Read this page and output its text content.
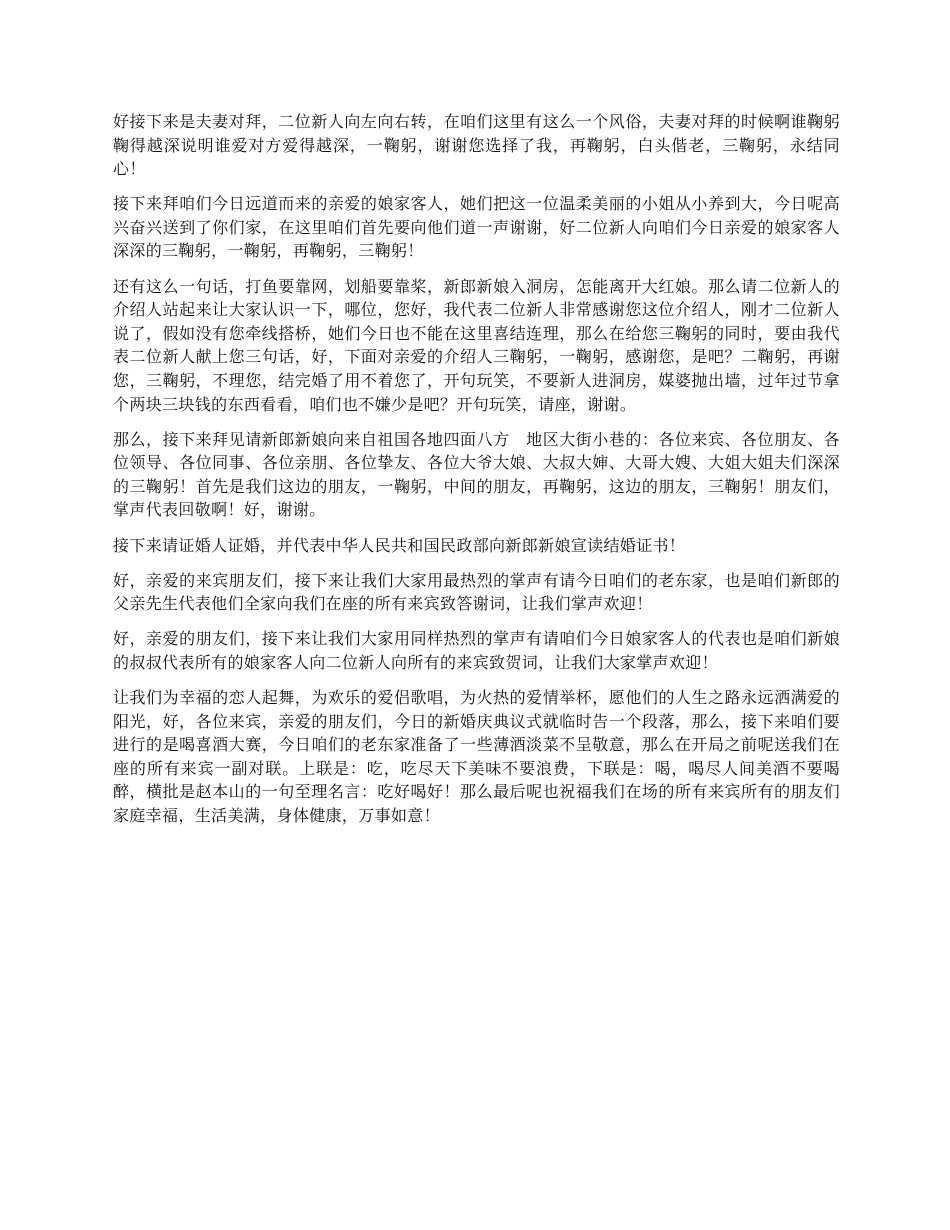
好接下来是夫妻对拜，二位新人向左向右转，在咱们这里有这么一个风俗，夫妻对拜的时候啊谁鞠躬鞠得越深说明谁爱对方爱得越深，一鞠躬，谢谢您选择了我，再鞠躬，白头偕老，三鞠躬，永结同心！

接下来拜咱们今日远道而来的亲爱的娘家客人，她们把这一位温柔美丽的小姐从小养到大，今日呢高兴奋兴送到了你们家，在这里咱们首先要向他们道一声谢谢，好二位新人向咱们今日亲爱的娘家客人深深的三鞠躬，一鞠躬，再鞠躬，三鞠躬！

还有这么一句话，打鱼要靠网，划船要靠桨，新郎新娘入洞房，怎能离开大红娘。那么请二位新人的介绍人站起来让大家认识一下，哪位，您好，我代表二位新人非常感谢您这位介绍人，刚才二位新人说了，假如没有您牵线搭桥，她们今日也不能在这里喜结连理，那么在给您三鞠躬的同时，要由我代表二位新人献上您三句话，好，下面对亲爱的介绍人三鞠躬，一鞠躬，感谢您，是吧？二鞠躬，再谢您，三鞠躬，不理您，结完婚了用不着您了，开句玩笑，不要新人进洞房，媒婆抛出墙，过年过节拿个两块三块钱的东西看看，咱们也不嫌少是吧？开句玩笑，请座，谢谢。

那么，接下来拜见请新郎新娘向来自祖国各地四面八方　地区大街小巷的：各位来宾、各位朋友、各位领导、各位同事、各位亲朋、各位挚友、各位大爷大娘、大叔大婶、大哥大嫂、大姐大姐夫们深深的三鞠躬！首先是我们这边的朋友，一鞠躬，中间的朋友，再鞠躬，这边的朋友，三鞠躬！朋友们，掌声代表回敬啊！好，谢谢。

接下来请证婚人证婚，并代表中华人民共和国民政部向新郎新娘宣读结婚证书！

好，亲爱的来宾朋友们，接下来让我们大家用最热烈的掌声有请今日咱们的老东家，也是咱们新郎的父亲先生代表他们全家向我们在座的所有来宾致答谢词，让我们掌声欢迎！

好，亲爱的朋友们，接下来让我们大家用同样热烈的掌声有请咱们今日娘家客人的代表也是咱们新娘的叔叔代表所有的娘家客人向二位新人向所有的来宾致贺词，让我们大家掌声欢迎！

让我们为幸福的恋人起舞，为欢乐的爱侣歌唱，为火热的爱情举杯，愿他们的人生之路永远洒满爱的阳光，好，各位来宾，亲爱的朋友们，今日的新婚庆典议式就临时告一个段落，那么，接下来咱们要进行的是喝喜酒大赛，今日咱们的老东家准备了一些薄酒淡菜不呈敬意，那么在开局之前呢送我们在座的所有来宾一副对联。上联是：吃，吃尽天下美味不要浪费，下联是：喝，喝尽人间美酒不要喝醉，横批是赵本山的一句至理名言：吃好喝好！那么最后呢也祝福我们在场的所有来宾所有的朋友们家庭幸福，生活美满，身体健康，万事如意！
